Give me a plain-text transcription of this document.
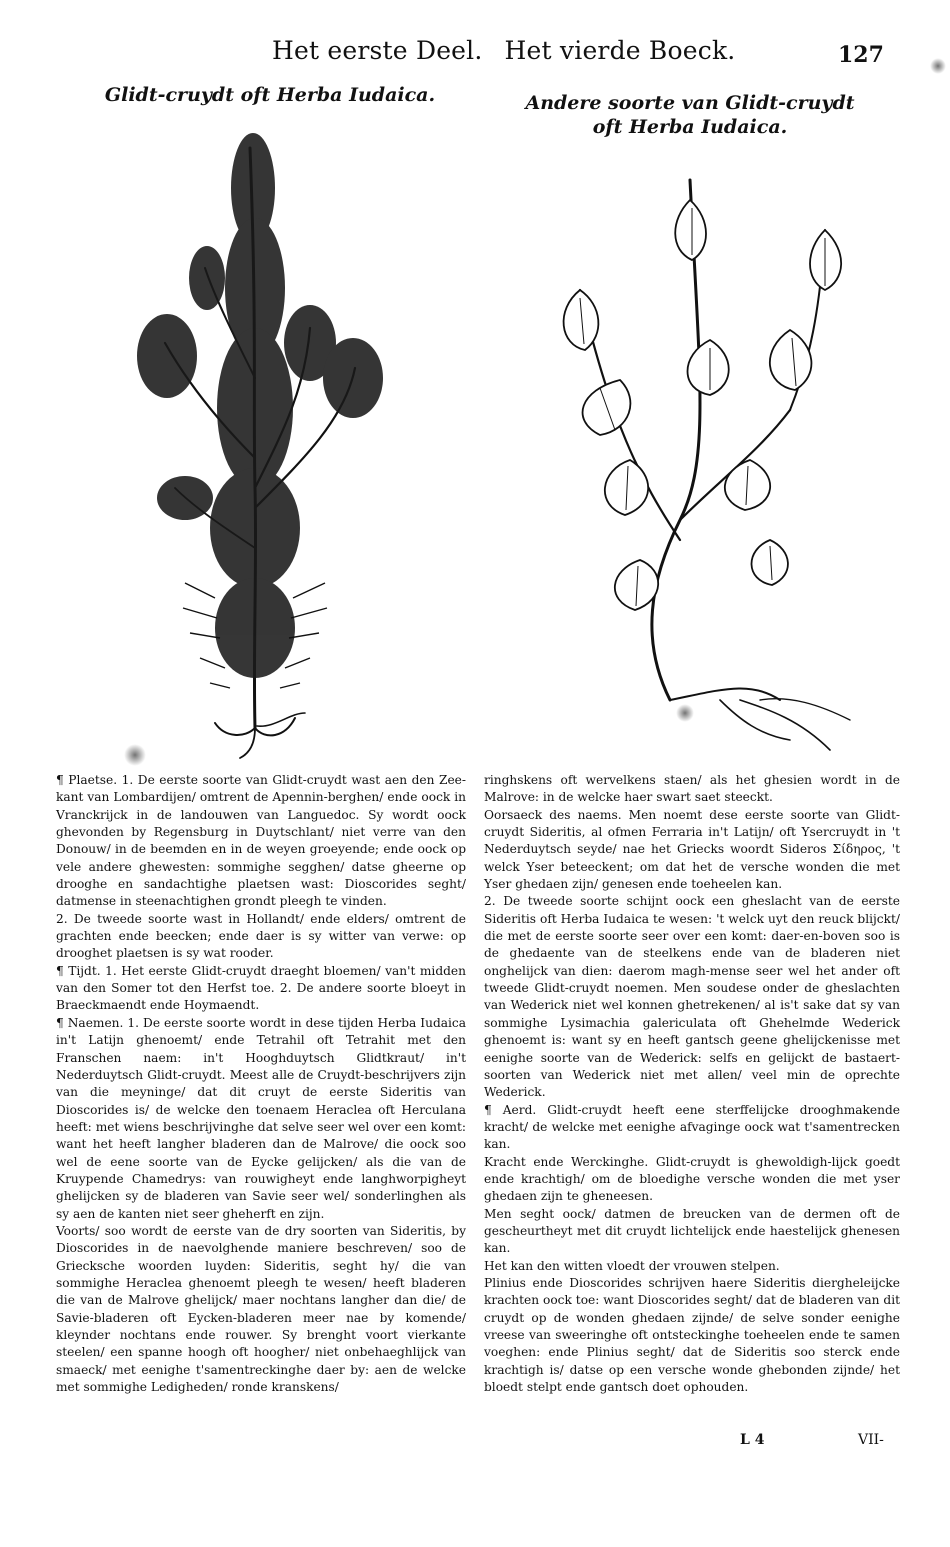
Het eerste Deel. Het vierde Boeck.	127
Glidt-cruydt oft Herba Iudaica.	Andere soorte van Glidt-cruydt
oft Herba Iudaica.

¶ Plaetse. 1. De eerste soorte van Glidt-cruydt wast aen den Zee-kant van Lombardijen/ omtrent de Apennin-berghen/ ende oock in Vranckrijck in de landouwen van Languedoc. Sy wordt oock ghevonden by Regensburg in Duytschlant/ niet verre van den Donouw/ in de beemden en in de weyen groeyende; ende oock op vele andere ghewesten: sommighe segghen/ datse gheerne op drooghe en sandachtighe plaetsen wast: Dioscorides seght/ datmense in steenachtighen grondt pleegh te vinden.

2. De tweede soorte wast in Hollandt/ ende elders/ omtrent de grachten ende beecken; ende daer is sy witter van verwe: op drooghet plaetsen is sy wat rooder.

¶ Tijdt. 1. Het eerste Glidt-cruydt draeght bloemen/ van't midden van den Somer tot den Herfst toe. 2. De andere soorte bloeyt in Braeckmaendt ende Hoymaendt.

¶ Naemen. 1. De eerste soorte wordt in dese tijden Herba Iudaica in't Latijn ghenoemt/ ende Tetrahil oft Tetrahit met den Franschen naem: in't Hooghduytsch Glidtkraut/ in't Nederduytsch Glidt-cruydt. Meest alle de Cruydt-beschrijvers zijn van die meyninge/ dat dit cruyt de eerste Sideritis van Dioscorides is/ de welcke den toenaem Heraclea oft Herculana heeft: met wiens beschrijvinghe dat selve seer wel over een komt: want het heeft langher bladeren dan de Malrove/ die oock soo wel de eene soorte van de Eycke gelijcken/ als die van de Kruypende Chamedrys: van rouwigheyt ende langhworpigheyt ghelijcken sy de bladeren van Savie seer wel/ sonderlinghen als sy aen de kanten niet seer gheherft en zijn.

Voorts/ soo wordt de eerste van de dry soorten van Sideritis, by Dioscorides in de naevolghende maniere beschreven/ soo de Griecksche woorden luyden: Sideritis, seght hy/ die van sommighe Heraclea ghenoemt pleegh te wesen/ heeft bladeren die van de Malrove ghelijck/ maer nochtans langher dan die/ de Savie-bladeren oft Eycken-bladeren meer nae by komende/ kleynder nochtans ende rouwer. Sy brenght voort vierkante steelen/ een spanne hoogh oft hoogher/ niet onbehaeghlijck van smaeck/ met eenighe t'samentreckinghe daer by: aen de welcke met sommighe Ledigheden/ ronde kranskens/

ringhskens oft wervelkens staen/ als het ghesien wordt in de Malrove: in de welcke haer swart saet steeckt.

Oorsaeck des naems. Men noemt dese eerste soorte van Glidt-cruydt Sideritis, al ofmen Ferraria in't Latijn/ oft Ysercruydt in 't Nederduytsch seyde/ nae het Griecks woordt Sideros Σίδηρος, 't welck Yser beteeckent; om dat het de versche wonden die met Yser ghedaen zijn/ genesen ende toeheelen kan.

2. De tweede soorte schijnt oock een gheslacht van de eerste Sideritis oft Herba Iudaica te wesen: 't welck uyt den reuck blijckt/ die met de eerste soorte seer over een komt: daer-en-boven soo is de ghedaente van de steelkens ende van de bladeren niet onghelijck van dien: daerom magh-mense seer wel het ander oft tweede Glidt-cruydt noemen. Men soudese onder de gheslachten van Wederick niet wel konnen ghetrekenen/ al is't sake dat sy van sommighe Lysimachia galericulata oft Ghehelmde Wederick ghenoemt is: want sy en heeft gantsch geene ghelijckenisse met eenighe soorte van de Wederick: selfs en gelijckt de bastaert-soorten van Wederick niet met allen/ veel min de oprechte Wederick.

¶ Aerd. Glidt-cruydt heeft eene sterffelijcke drooghmakende kracht/ de welcke met eenighe afvaginge oock wat t'samentrecken kan.

Kracht ende Werckinghe. Glidt-cruydt is ghewoldigh-lijck goedt ende krachtigh/ om de bloedighe versche wonden die met yser ghedaen zijn te gheneesen.

Men seght oock/ datmen de breucken van de dermen oft de gescheurtheyt met dit cruydt lichtelijck ende haestelijck ghenesen kan.

Het kan den witten vloedt der vrouwen stelpen.

Plinius ende Dioscorides schrijven haere Sideritis diergheleijcke krachten oock toe: want Dioscorides seght/ dat de bladeren van dit cruydt op de wonden ghedaen zijnde/ de selve sonder eenighe vreese van sweeringhe oft ontsteckinghe toeheelen ende te samen voeghen: ende Plinius seght/ dat de Sideritis soo sterck ende krachtigh is/ datse op een versche wonde ghebonden zijnde/ het bloedt stelpt ende gantsch doet ophouden.

L 4	VII-
